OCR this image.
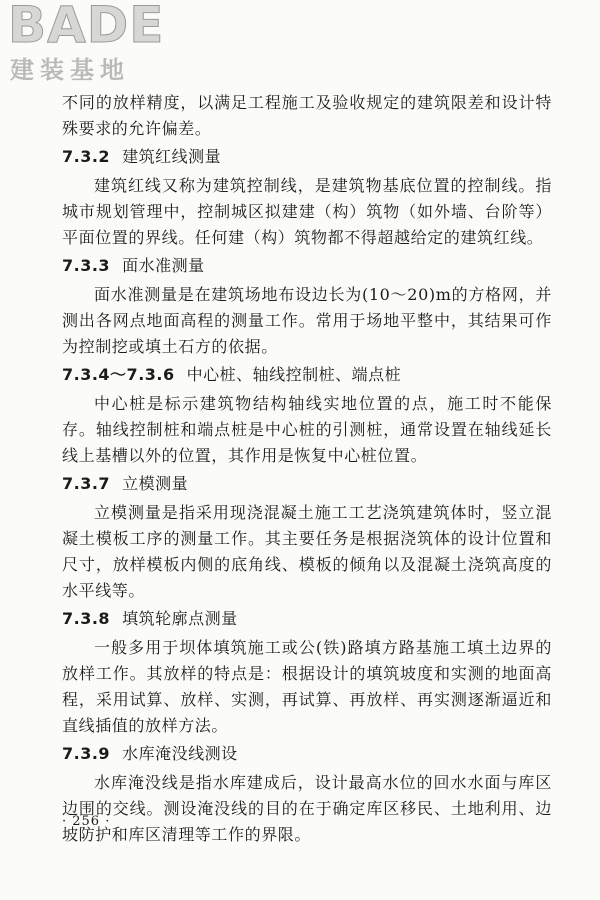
BADE
建装基地

不同的放样精度，以满足工程施工及验收规定的建筑限差和设计特殊要求的允许偏差。

7.3.2 建筑红线测量

建筑红线又称为建筑控制线，是建筑物基底位置的控制线。指城市规划管理中，控制城区拟建建（构）筑物（如外墙、台阶等）平面位置的界线。任何建（构）筑物都不得超越给定的建筑红线。

7.3.3 面水准测量

面水准测量是在建筑场地布设边长为(10～20)m的方格网，并测出各网点地面高程的测量工作。常用于场地平整中，其结果可作为控制挖或填土石方的依据。

7.3.4～7.3.6 中心桩、轴线控制桩、端点桩

中心桩是标示建筑物结构轴线实地位置的点，施工时不能保存。轴线控制桩和端点桩是中心桩的引测桩，通常设置在轴线延长线上基槽以外的位置，其作用是恢复中心桩位置。

7.3.7 立模测量

立模测量是指采用现浇混凝土施工工艺浇筑建筑体时，竖立混凝土模板工序的测量工作。其主要任务是根据浇筑体的设计位置和尺寸，放样模板内侧的底角线、模板的倾角以及混凝土浇筑高度的水平线等。

7.3.8 填筑轮廓点测量

一般多用于坝体填筑施工或公(铁)路填方路基施工填土边界的放样工作。其放样的特点是：根据设计的填筑坡度和实测的地面高程，采用试算、放样、实测，再试算、再放样、再实测逐渐逼近和直线插值的放样方法。

7.3.9 水库淹没线测设

水库淹没线是指水库建成后，设计最高水位的回水水面与库区边围的交线。测设淹没线的目的在于确定库区移民、土地利用、边坡防护和库区清理等工作的界限。

· 256 ·
